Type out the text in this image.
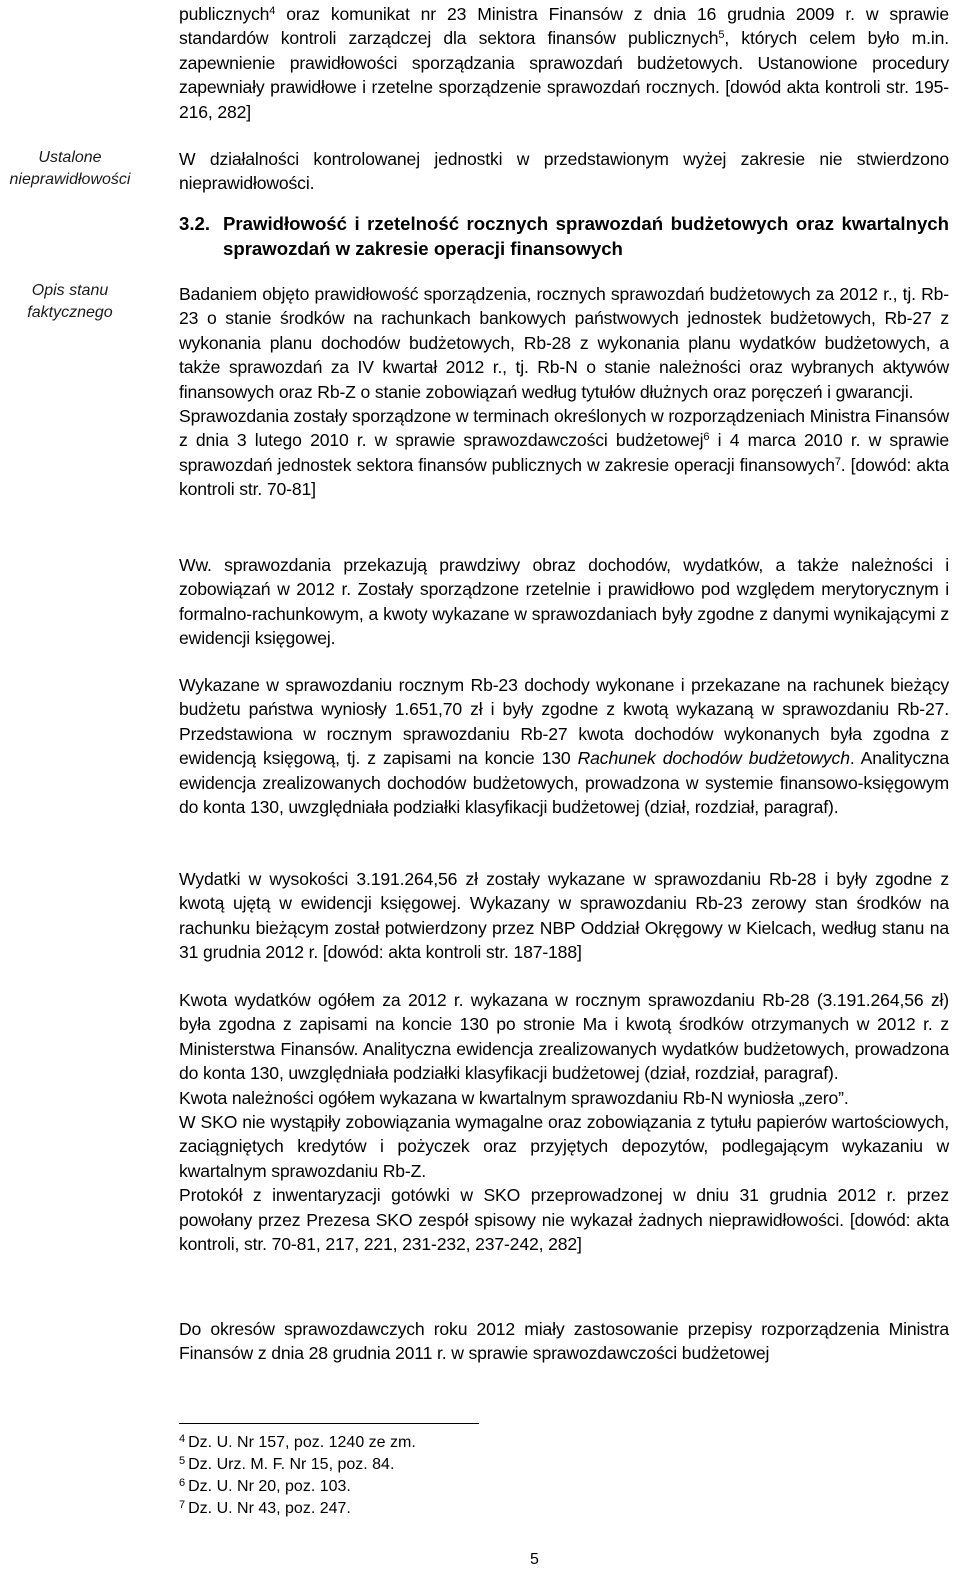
Ustalone
nieprawidłowości
Opis stanu
faktycznego

publicznych$^4$ oraz komunikat nr 23 Ministra Finansów z dnia 16 grudnia 2009 r. w sprawie standardów kontroli zarządczej dla sektora finansów publicznych$^5$, których celem było m.in. zapewnienie prawidłowości sporządzania sprawozdań budżetowych. Ustanowione procedury zapewniały prawidłowe i rzetelne sporządzenie sprawozdań rocznych. [dowód akta kontroli str. 195-216, 282]

W działalności kontrolowanej jednostki w przedstawionym wyżej zakresie nie stwierdzono nieprawidłowości.

3.2. Prawidłowość i rzetelność rocznych sprawozdań budżetowych oraz kwartalnych sprawozdań w zakresie operacji finansowych

Badaniem objęto prawidłowość sporządzenia, rocznych sprawozdań budżetowych za 2012 r., tj. Rb-23 o stanie środków na rachunkach bankowych państwowych jednostek budżetowych, Rb-27 z wykonania planu dochodów budżetowych, Rb-28 z wykonania planu wydatków budżetowych, a także sprawozdań za IV kwartał 2012 r., tj. Rb-N o stanie należności oraz wybranych aktywów finansowych oraz Rb-Z o stanie zobowiązań według tytułów dłużnych oraz poręczeń i gwarancji.

Sprawozdania zostały sporządzone w terminach określonych w rozporządzeniach Ministra Finansów z dnia 3 lutego 2010 r. w sprawie sprawozdawczości budżetowej$^6$ i 4 marca 2010 r. w sprawie sprawozdań jednostek sektora finansów publicznych w zakresie operacji finansowych$^7$. [dowód: akta kontroli str. 70-81]

Ww. sprawozdania przekazują prawdziwy obraz dochodów, wydatków, a także należności i zobowiązań w 2012 r. Zostały sporządzone rzetelnie i prawidłowo pod względem merytorycznym i formalno-rachunkowym, a kwoty wykazane w sprawozdaniach były zgodne z danymi wynikającymi z ewidencji księgowej.

Wykazane w sprawozdaniu rocznym Rb-23 dochody wykonane i przekazane na rachunek bieżący budżetu państwa wyniosły 1.651,70 zł i były zgodne z kwotą wykazaną w sprawozdaniu Rb-27. Przedstawiona w rocznym sprawozdaniu Rb-27 kwota dochodów wykonanych była zgodna z ewidencją księgową, tj. z zapisami na koncie 130 Rachunek dochodów budżetowych. Analityczna ewidencja zrealizowanych dochodów budżetowych, prowadzona w systemie finansowo-księgowym do konta 130, uwzględniała podziałki klasyfikacji budżetowej (dział, rozdział, paragraf).

Wydatki w wysokości 3.191.264,56 zł zostały wykazane w sprawozdaniu Rb-28 i były zgodne z kwotą ujętą w ewidencji księgowej. Wykazany w sprawozdaniu Rb-23 zerowy stan środków na rachunku bieżącym został potwierdzony przez NBP Oddział Okręgowy w Kielcach, według stanu na 31 grudnia 2012 r. [dowód: akta kontroli str. 187-188]

Kwota wydatków ogółem za 2012 r. wykazana w rocznym sprawozdaniu Rb-28 (3.191.264,56 zł) była zgodna z zapisami na koncie 130 po stronie Ma i kwotą środków otrzymanych w 2012 r. z Ministerstwa Finansów. Analityczna ewidencja zrealizowanych wydatków budżetowych, prowadzona do konta 130, uwzględniała podziałki klasyfikacji budżetowej (dział, rozdział, paragraf).

Kwota należności ogółem wykazana w kwartalnym sprawozdaniu Rb-N wyniosła „zero”.

W SKO nie wystąpiły zobowiązania wymagalne oraz zobowiązania z tytułu papierów wartościowych, zaciągniętych kredytów i pożyczek oraz przyjętych depozytów, podlegającym wykazaniu w kwartalnym sprawozdaniu Rb-Z.

Protokół z inwentaryzacji gotówki w SKO przeprowadzonej w dniu 31 grudnia 2012 r. przez powołany przez Prezesa SKO zespół spisowy nie wykazał żadnych nieprawidłowości. [dowód: akta kontroli, str. 70-81, 217, 221, 231-232, 237-242, 282]

Do okresów sprawozdawczych roku 2012 miały zastosowanie przepisy rozporządzenia Ministra Finansów z dnia 28 grudnia 2011 r. w sprawie sprawozdawczości budżetowej

$^4$ Dz. U. Nr 157, poz. 1240 ze zm.
$^5$ Dz. Urz. M. F. Nr 15, poz. 84.
$^6$ Dz. U. Nr 20, poz. 103.
$^7$ Dz. U. Nr 43, poz. 247.
5
